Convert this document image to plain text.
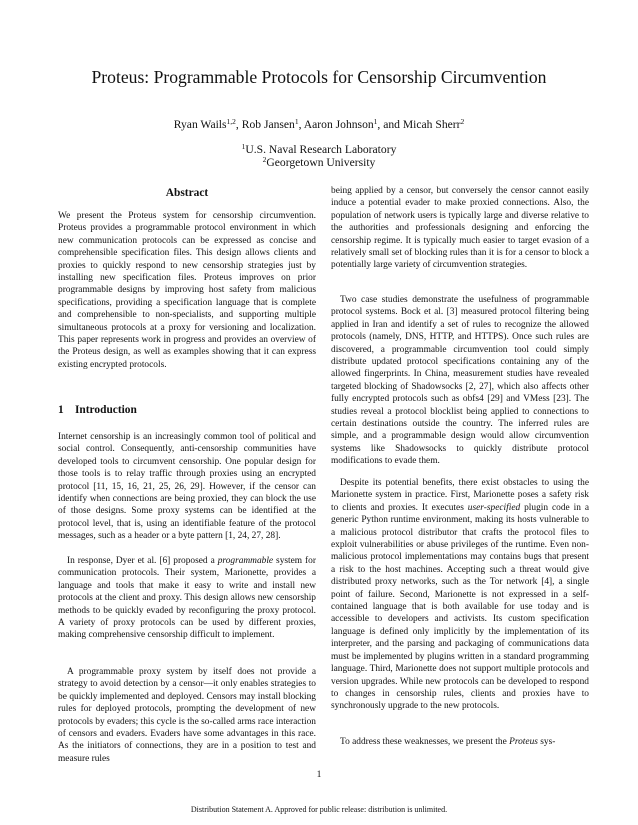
Proteus: Programmable Protocols for Censorship Circumvention
Ryan Wails$^{1,2}$, Rob Jansen$^1$, Aaron Johnson$^1$, and Micah Sherr$^2$
$^1$U.S. Naval Research Laboratory
$^2$Georgetown University
Abstract

We present the Proteus system for censorship circumvention. Proteus provides a programmable protocol environment in which new communication protocols can be expressed as concise and comprehensible specification files. This design allows clients and proxies to quickly respond to new censorship strategies just by installing new specification files. Proteus improves on prior programmable designs by improving host safety from malicious specifications, providing a specification language that is complete and comprehensible to non-specialists, and supporting multiple simultaneous protocols at a proxy for versioning and localization. This paper represents work in progress and provides an overview of the Proteus design, as well as examples showing that it can express existing encrypted protocols.

1 Introduction

Internet censorship is an increasingly common tool of political and social control. Consequently, anti-censorship communities have developed tools to circumvent censorship. One popular design for those tools is to relay traffic through proxies using an encrypted protocol [11, 15, 16, 21, 25, 26, 29]. However, if the censor can identify when connections are being proxied, they can block the use of those designs. Some proxy systems can be identified at the protocol level, that is, using an identifiable feature of the protocol messages, such as a header or a byte pattern [1, 24, 27, 28].

In response, Dyer et al. [6] proposed a programmable system for communication protocols. Their system, Marionette, provides a language and tools that make it easy to write and install new protocols at the client and proxy. This design allows new censorship methods to be quickly evaded by reconfiguring the proxy protocol. A variety of proxy protocols can be used by different proxies, making comprehensive censorship difficult to implement.

A programmable proxy system by itself does not provide a strategy to avoid detection by a censor—it only enables strategies to be quickly implemented and deployed. Censors may install blocking rules for deployed protocols, prompting the development of new protocols by evaders; this cycle is the so-called arms race interaction of censors and evaders. Evaders have some advantages in this race. As the initiators of connections, they are in a position to test and measure rules

being applied by a censor, but conversely the censor cannot easily induce a potential evader to make proxied connections. Also, the population of network users is typically large and diverse relative to the authorities and professionals designing and enforcing the censorship regime. It is typically much easier to target evasion of a relatively small set of blocking rules than it is for a censor to block a potentially large variety of circumvention strategies.

Two case studies demonstrate the usefulness of programmable protocol systems. Bock et al. [3] measured protocol filtering being applied in Iran and identify a set of rules to recognize the allowed protocols (namely, DNS, HTTP, and HTTPS). Once such rules are discovered, a programmable circumvention tool could simply distribute updated protocol specifications containing any of the allowed fingerprints. In China, measurement studies have revealed targeted blocking of Shadowsocks [2, 27], which also affects other fully encrypted protocols such as obfs4 [29] and VMess [23]. The studies reveal a protocol blocklist being applied to connections to certain destinations outside the country. The inferred rules are simple, and a programmable design would allow circumvention systems like Shadowsocks to quickly distribute protocol modifications to evade them.

Despite its potential benefits, there exist obstacles to using the Marionette system in practice. First, Marionette poses a safety risk to clients and proxies. It executes user-specified plugin code in a generic Python runtime environment, making its hosts vulnerable to a malicious protocol distributor that crafts the protocol files to exploit vulnerabilities or abuse privileges of the runtime. Even non-malicious protocol implementations may contains bugs that present a risk to the host machines. Accepting such a threat would give distributed proxy networks, such as the Tor network [4], a single point of failure. Second, Marionette is not expressed in a self-contained language that is both available for use today and is accessible to developers and activists. Its custom specification language is defined only implicitly by the implementation of its interpreter, and the parsing and packaging of communications data must be implemented by plugins written in a standard programming language. Third, Marionette does not support multiple protocols and version upgrades. While new protocols can be developed to respond to changes in censorship rules, clients and proxies have to synchronously upgrade to the new protocols.

To address these weaknesses, we present the Proteus sys-

1
Distribution Statement A. Approved for public release: distribution is unlimited.
